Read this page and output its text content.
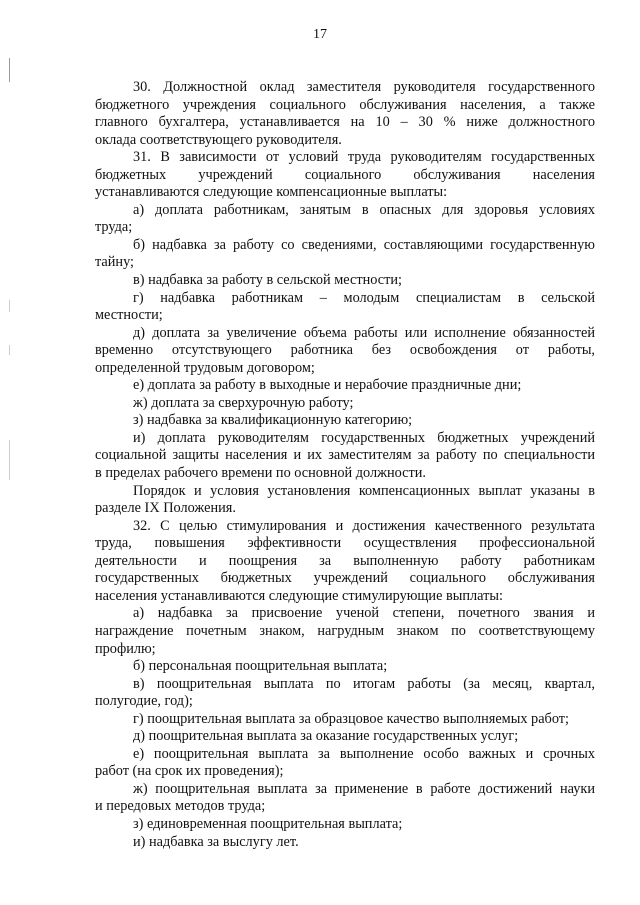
17

30. Должностной оклад заместителя руководителя государственного

бюджетного учреждения социального обслуживания населения, а также

главного бухгалтера, устанавливается на 10 – 30 % ниже должностного

оклада соответствующего руководителя.

31. В зависимости от условий труда руководителям государственных

бюджетных учреждений социального обслуживания населения

устанавливаются следующие компенсационные выплаты:

а) доплата работникам, занятым в опасных для здоровья условиях

труда;

б) надбавка за работу со сведениями, составляющими государственную

тайну;

в) надбавка за работу в сельской местности;

г) надбавка работникам – молодым специалистам в сельской

местности;

д) доплата за увеличение объема работы или исполнение обязанностей

временно отсутствующего работника без освобождения от работы,

определенной трудовым договором;

е) доплата за работу в выходные и нерабочие праздничные дни;

ж) доплата за сверхурочную работу;

з) надбавка за квалификационную категорию;

и) доплата руководителям государственных бюджетных учреждений

социальной защиты населения и их заместителям за работу по специальности

в пределах рабочего времени по основной должности.

Порядок и условия установления компенсационных выплат указаны в

разделе IX Положения.

32. С целью стимулирования и достижения качественного результата

труда, повышения эффективности осуществления профессиональной

деятельности и поощрения за выполненную работу работникам

государственных бюджетных учреждений социального обслуживания

населения устанавливаются следующие стимулирующие выплаты:

а) надбавка за присвоение ученой степени, почетного звания и

награждение почетным знаком, нагрудным знаком по соответствующему

профилю;

б) персональная поощрительная выплата;

в) поощрительная выплата по итогам работы (за месяц, квартал,

полугодие, год);

г) поощрительная выплата за образцовое качество выполняемых работ;

д) поощрительная выплата за оказание государственных услуг;

е) поощрительная выплата за выполнение особо важных и срочных

работ (на срок их проведения);

ж) поощрительная выплата за применение в работе достижений науки

и передовых методов труда;

з) единовременная поощрительная выплата;

и) надбавка за выслугу лет.
